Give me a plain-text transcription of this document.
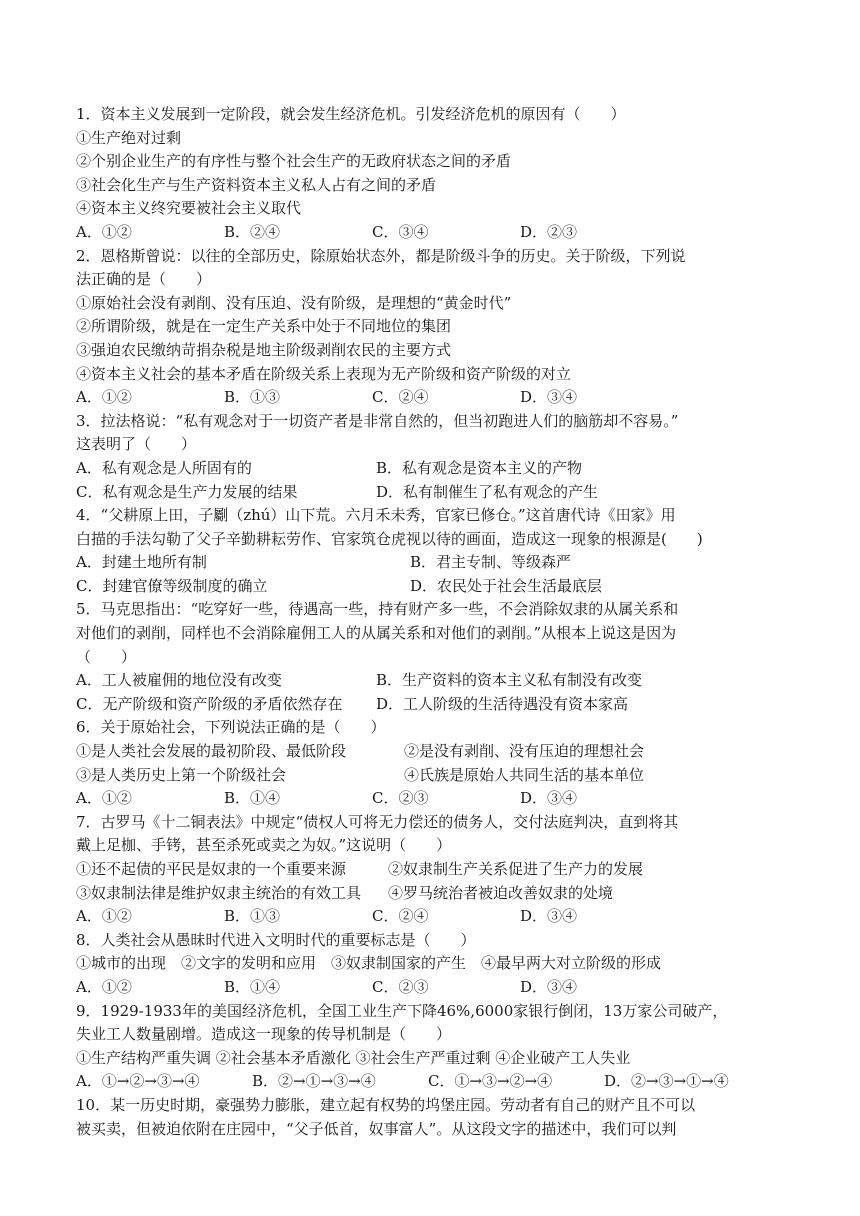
1．资本主义发展到一定阶段，就会发生经济危机。引发经济危机的原因有（　　）
①生产绝对过剩
②个别企业生产的有序性与整个社会生产的无政府状态之间的矛盾
③社会化生产与生产资料资本主义私人占有之间的矛盾
④资本主义终究要被社会主义取代
A．①②	B．②④	C．③④	D．②③
2．恩格斯曾说：以往的全部历史，除原始状态外，都是阶级斗争的历史。关于阶级，下列说
法正确的是（　　）
①原始社会没有剥削、没有压迫、没有阶级，是理想的“黄金时代”
②所谓阶级，就是在一定生产关系中处于不同地位的集团
③强迫农民缴纳苛捐杂税是地主阶级剥削农民的主要方式
④资本主义社会的基本矛盾在阶级关系上表现为无产阶级和资产阶级的对立
A．①②	B．①③	C．②④	D．③④
3．拉法格说：“私有观念对于一切资产者是非常自然的，但当初跑进人们的脑筋却不容易。”
这表明了（　　）
A．私有观念是人所固有的	B．私有观念是资本主义的产物
C．私有观念是生产力发展的结果	D．私有制催生了私有观念的产生
4．“父耕原上田，子劚（zhú）山下荒。六月禾未秀，官家已修仓。”这首唐代诗《田家》用
白描的手法勾勒了父子辛勤耕耘劳作、官家筑仓虎视以待的画面，造成这一现象的根源是(　　)
A．封建土地所有制	B．君主专制、等级森严
C．封建官僚等级制度的确立	D．农民处于社会生活最底层
5．马克思指出：“吃穿好一些，待遇高一些，持有财产多一些，不会消除奴隶的从属关系和
对他们的剥削，同样也不会消除雇佣工人的从属关系和对他们的剥削。”从根本上说这是因为
（　　）
A．工人被雇佣的地位没有改变	B．生产资料的资本主义私有制没有改变
C．无产阶级和资产阶级的矛盾依然存在	D．工人阶级的生活待遇没有资本家高
6．关于原始社会，下列说法正确的是（　　）
①是人类社会发展的最初阶段、最低阶段	②是没有剥削、没有压迫的理想社会
③是人类历史上第一个阶级社会	④氏族是原始人共同生活的基本单位
A．①②	B．①④	C．②③	D．③④
7．古罗马《十二铜表法》中规定“债权人可将无力偿还的债务人，交付法庭判决，直到将其
戴上足枷、手铐，甚至杀死或卖之为奴。”这说明（　　）
①还不起债的平民是奴隶的一个重要来源	②奴隶制生产关系促进了生产力的发展
③奴隶制法律是维护奴隶主统治的有效工具	④罗马统治者被迫改善奴隶的处境
A．①②	B．①③	C．②④	D．③④
8．人类社会从愚昧时代进入文明时代的重要标志是（　　）
①城市的出现　②文字的发明和应用　③奴隶制国家的产生　④最早两大对立阶级的形成
A．①②	B．①④	C．②③	D．③④
9．1929-1933年的美国经济危机，全国工业生产下降46%,6000家银行倒闭，13万家公司破产，
失业工人数量剧增。造成这一现象的传导机制是（　　）
①生产结构严重失调 ②社会基本矛盾激化 ③社会生产严重过剩 ④企业破产工人失业
A．①→②→③→④	B．②→①→③→④	C．①→③→②→④	D．②→③→①→④
10．某一历史时期，豪强势力膨胀，建立起有权势的坞堡庄园。劳动者有自己的财产且不可以
被买卖，但被迫依附在庄园中，“父子低首，奴事富人”。从这段文字的描述中，我们可以判
